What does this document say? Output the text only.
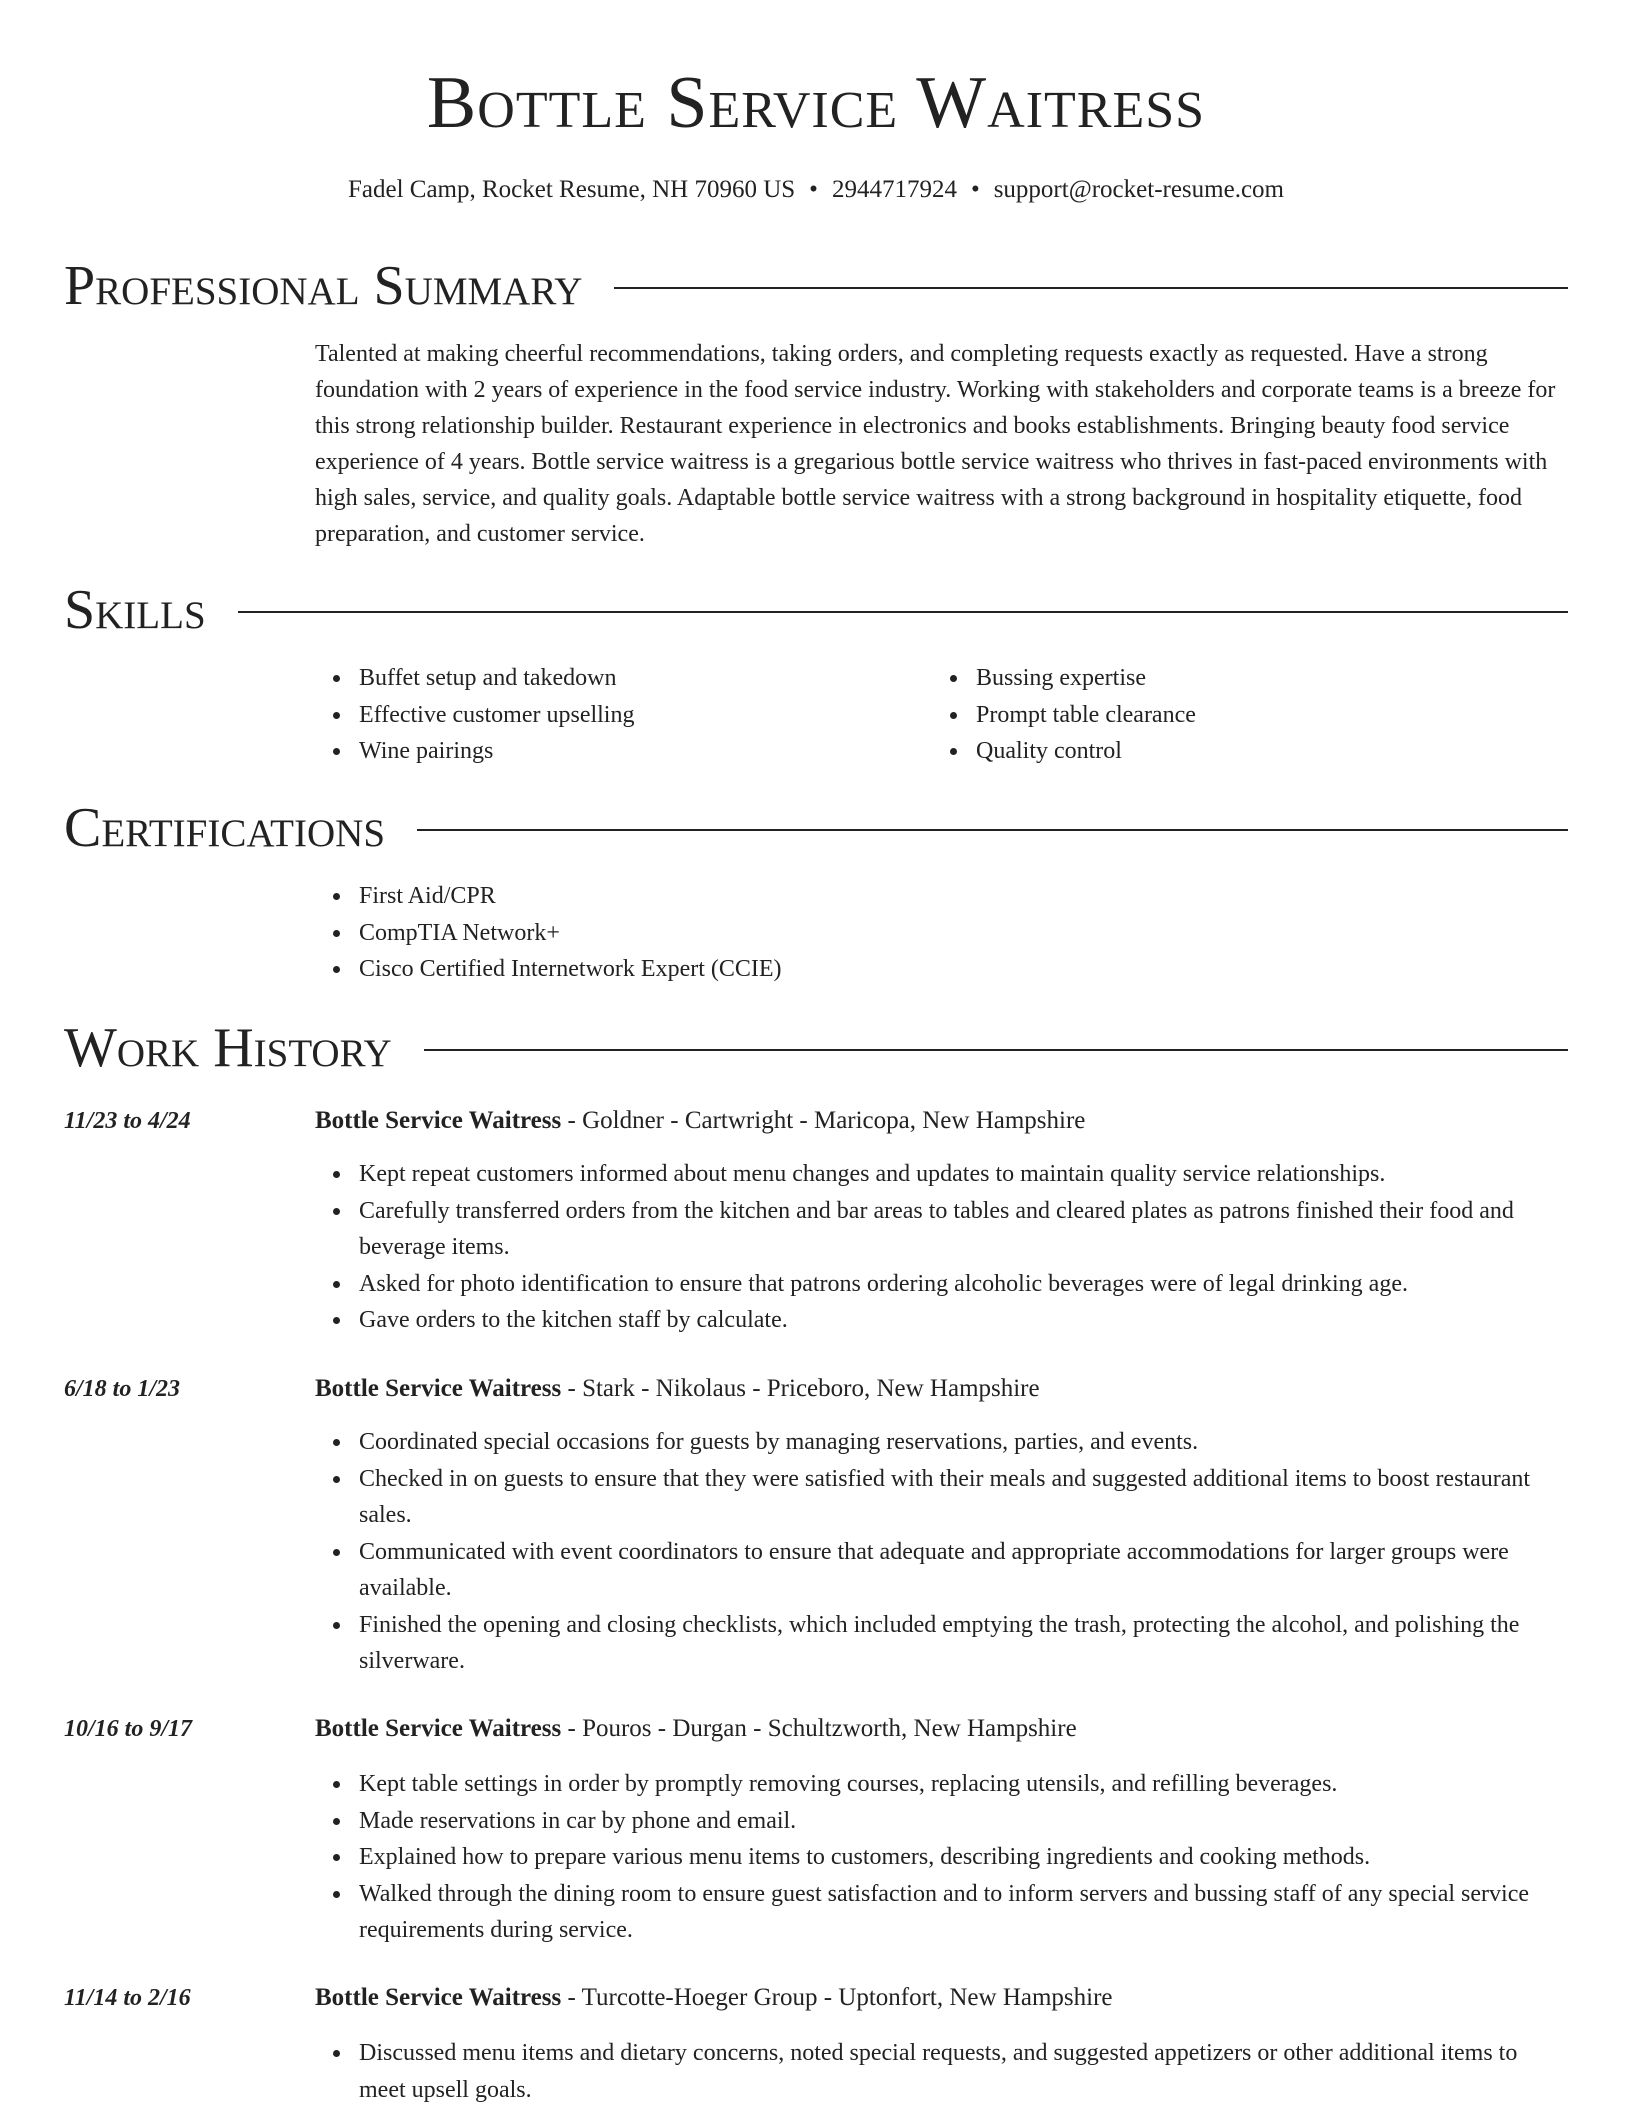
Bottle Service Waitress
Fadel Camp, Rocket Resume, NH 70960 US • 2944717924 • support@rocket-resume.com
Professional Summary
Talented at making cheerful recommendations, taking orders, and completing requests exactly as requested. Have a strong foundation with 2 years of experience in the food service industry. Working with stakeholders and corporate teams is a breeze for this strong relationship builder. Restaurant experience in electronics and books establishments. Bringing beauty food service experience of 4 years. Bottle service waitress is a gregarious bottle service waitress who thrives in fast-paced environments with high sales, service, and quality goals. Adaptable bottle service waitress with a strong background in hospitality etiquette, food preparation, and customer service.
Skills
Buffet setup and takedown
Effective customer upselling
Wine pairings
Bussing expertise
Prompt table clearance
Quality control
Certifications
First Aid/CPR
CompTIA Network+
Cisco Certified Internetwork Expert (CCIE)
Work History
11/23 to 4/24	Bottle Service Waitress - Goldner - Cartwright - Maricopa, New Hampshire
Kept repeat customers informed about menu changes and updates to maintain quality service relationships.
Carefully transferred orders from the kitchen and bar areas to tables and cleared plates as patrons finished their food and beverage items.
Asked for photo identification to ensure that patrons ordering alcoholic beverages were of legal drinking age.
Gave orders to the kitchen staff by calculate.
6/18 to 1/23	Bottle Service Waitress - Stark - Nikolaus - Priceboro, New Hampshire
Coordinated special occasions for guests by managing reservations, parties, and events.
Checked in on guests to ensure that they were satisfied with their meals and suggested additional items to boost restaurant sales.
Communicated with event coordinators to ensure that adequate and appropriate accommodations for larger groups were available.
Finished the opening and closing checklists, which included emptying the trash, protecting the alcohol, and polishing the silverware.
10/16 to 9/17	Bottle Service Waitress - Pouros - Durgan - Schultzworth, New Hampshire
Kept table settings in order by promptly removing courses, replacing utensils, and refilling beverages.
Made reservations in car by phone and email.
Explained how to prepare various menu items to customers, describing ingredients and cooking methods.
Walked through the dining room to ensure guest satisfaction and to inform servers and bussing staff of any special service requirements during service.
11/14 to 2/16	Bottle Service Waitress - Turcotte-Hoeger Group - Uptonfort, New Hampshire
Discussed menu items and dietary concerns, noted special requests, and suggested appetizers or other additional items to meet upsell goals.
